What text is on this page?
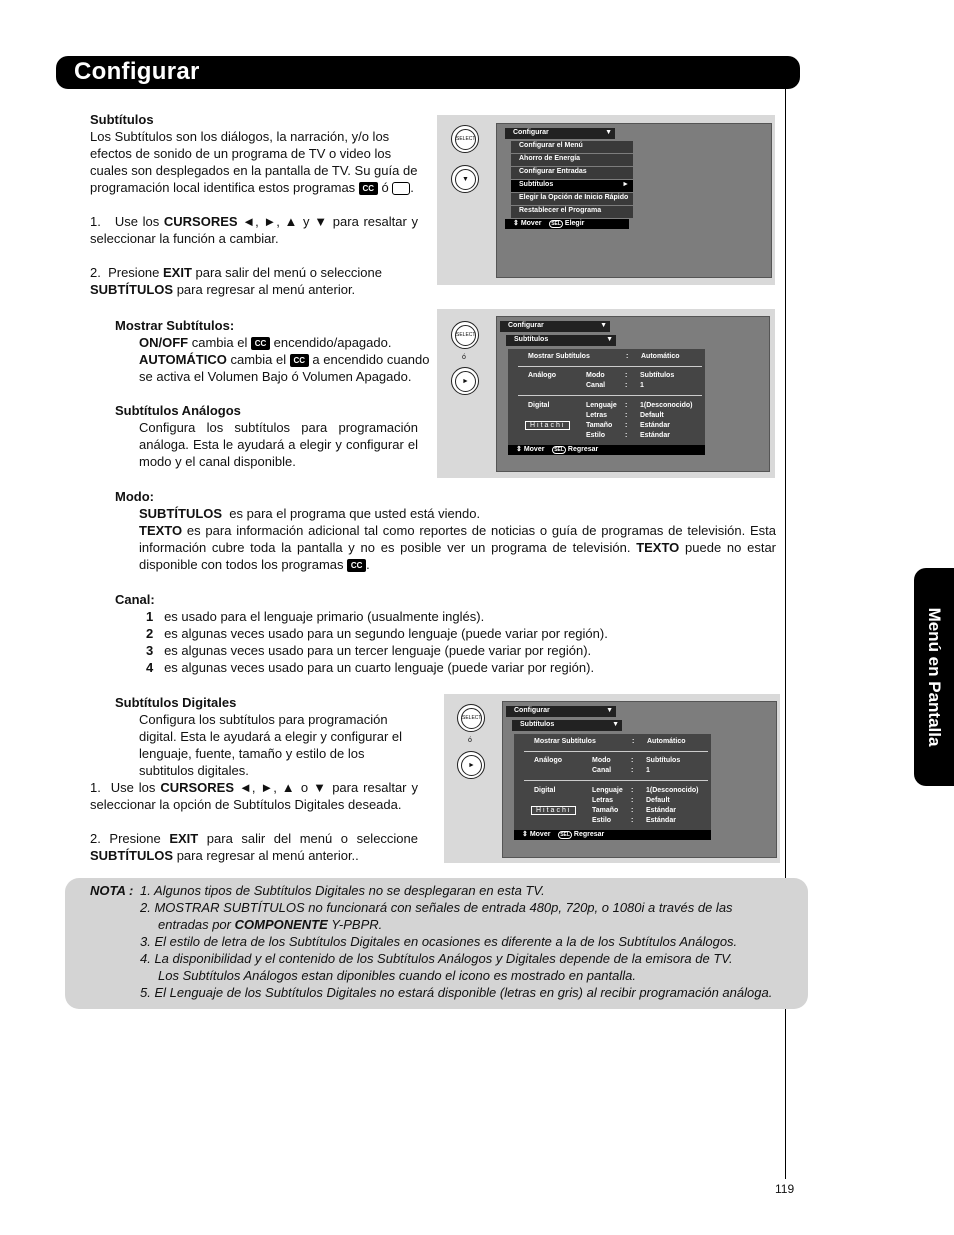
Configurar
Menú en Pantalla
Subtítulos
Los Subtítulos son los diálogos, la narración, y/o los efectos de sonido de un programa de TV o video los cuales son desplegados en la pantalla de TV. Su guía de programación local identifica estos programas CC ó .
1. Use los CURSORES ◄, ►, ▲ y ▼ para resaltar y seleccionar la función a cambiar.
2. Presione EXIT para salir del menú o seleccione SUBTÍTULOS para regresar al menú anterior.
Mostrar Subtítulos:
ON/OFF cambia el CC encendido/apagado.
AUTOMÁTICO cambia el CC a encendido cuando
se activa el Volumen Bajo ó Volumen Apagado.
Subtítulos Análogos
Configura los subtítulos para programación análoga. Esta le ayudará a elegir y configurar el modo y el canal disponible.
Modo:
SUBTÍTULOS es para el programa que usted está viendo.
TEXTO es para información adicional tal como reportes de noticias o guía de programas de televisión. Esta información cubre toda la pantalla y no es posible ver un programa de televisión. TEXTO puede no estar disponible con todos los programas CC .
Canal:
1 es usado para el lenguaje primario (usualmente inglés).
2 es algunas veces usado para un segundo lenguaje (puede variar por región).
3 es algunas veces usado para un tercer lenguaje (puede variar por región).
4 es algunas veces usado para un cuarto lenguaje (puede variar por región).
Subtítulos Digitales
Configura los subtítulos para programación digital. Esta le ayudará a elegir y configurar el lenguaje, fuente, tamaño y estilo de los subtitulos digitales.
1. Use los CURSORES ◄, ►, ▲ o ▼ para resaltar y seleccionar la opción de Subtítulos Digitales deseada.
2. Presione EXIT para salir del menú o seleccione SUBTÍTULOS para regresar al menú anterior..
SELECT
▼
Configurar	▼
Configurar el Menú
Ahorro de Energía
Configurar Entradas
Subtítulos	►
Elegir la Opción de Inicio Rápido
Restablecer el Programa
⇕ Mover SEL Elegir
SELECT
ó
►
Configurar	▼
Subtítulos	▼
Mostrar Subtítulos	: Automático
Análogo	Modo	: Subtítulos
Canal	: 1
Digital	Lenguaje : 1(Desconocido)
Letras	: Default
Hitachi	Tamaño : Estándar
Estilo	: Estándar
⇕ Mover SEL Regresar
SELECT
ó
►
Configurar	▼
Subtítulos	▼
Mostrar Subtítulos	: Automático
Análogo	Modo	: Subtítulos
Canal	: 1
Digital	Lenguaje : 1(Desconocido)
Letras	: Default
Hitachi	Tamaño : Estándar
Estilo	: Estándar
⇕ Mover SEL Regresar
NOTA : 1. Algunos tipos de Subtítulos Digitales no se desplegaran en esta TV.
2. MOSTRAR SUBTÍTULOS no funcionará con señales de entrada 480p, 720p, o 1080i a través de las
entradas por COMPONENTE Y-PBPR.
3. El estilo de letra de los Subtítulos Digitales en ocasiones es diferente a la de los Subtítulos Análogos.
4. La disponibilidad y el contenido de los Subtítulos Análogos y Digitales depende de la emisora de TV.
Los Subtítulos Análogos estan diponibles cuando el icono es mostrado en pantalla.
5. El Lenguaje de los Subtítulos Digitales no estará disponible (letras en gris) al recibir programación análoga.
119
